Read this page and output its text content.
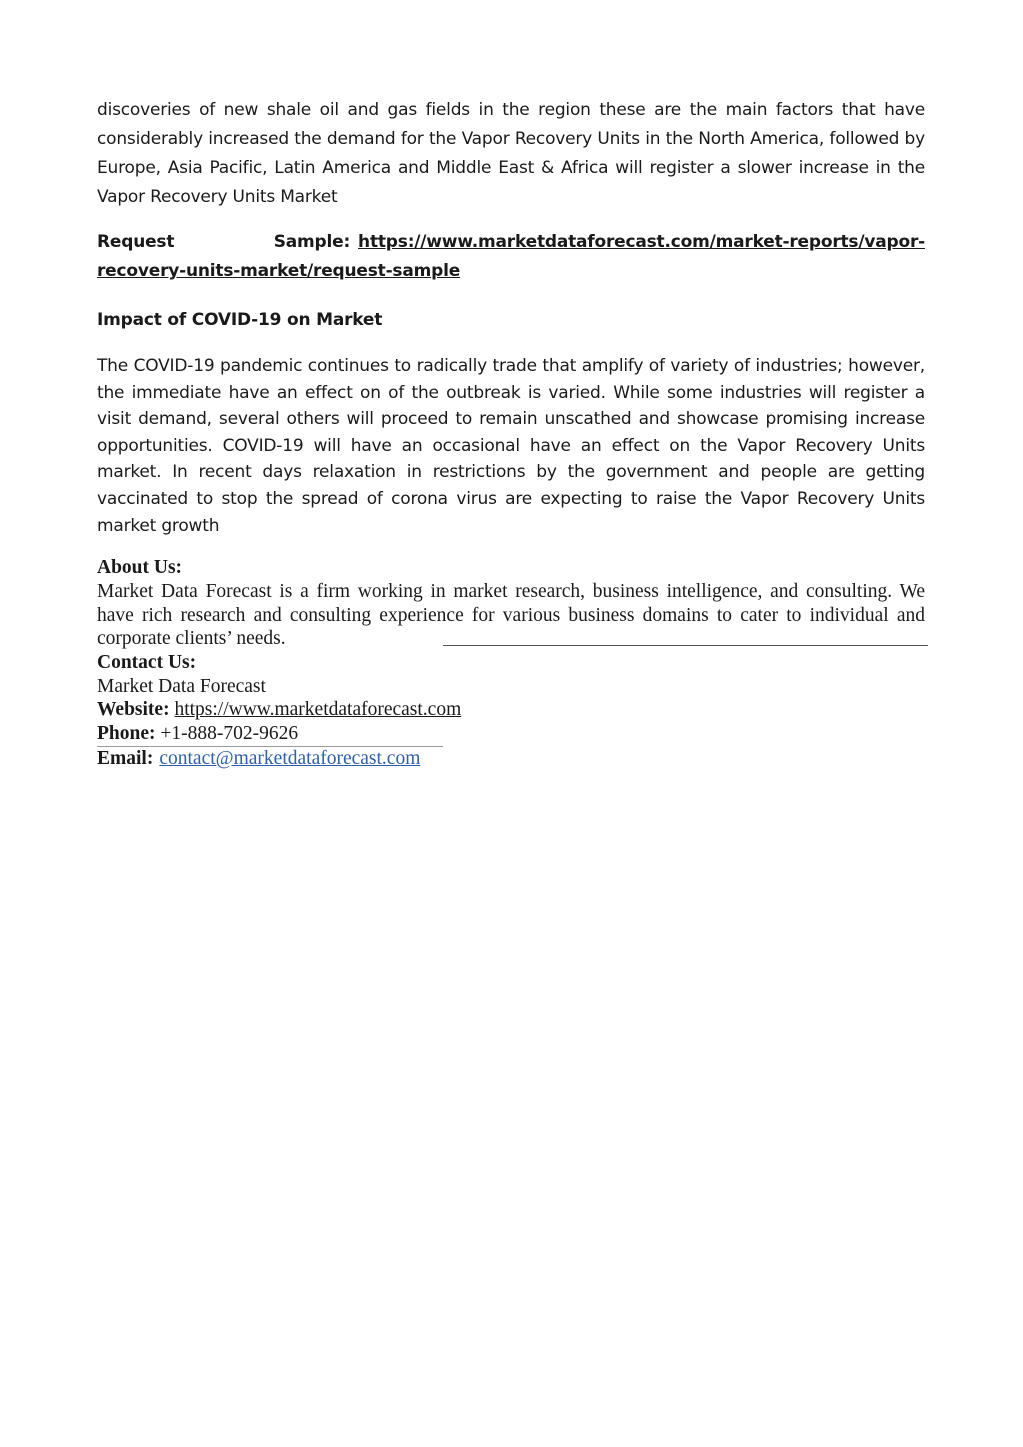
discoveries of new shale oil and gas fields in the region these are the main factors that have considerably increased the demand for the Vapor Recovery Units in the North America, followed by Europe, Asia Pacific, Latin America and Middle East & Africa will register a slower increase in the Vapor Recovery Units Market

Request Sample: https://www.marketdataforecast.com/market-reports/vapor-recovery-units-market/request-sample
Impact of COVID-19 on Market

The COVID-19 pandemic continues to radically trade that amplify of variety of industries; however, the immediate have an effect on of the outbreak is varied. While some industries will register a visit demand, several others will proceed to remain unscathed and showcase promising increase opportunities. COVID-19 will have an occasional have an effect on the Vapor Recovery Units market. In recent days relaxation in restrictions by the government and people are getting vaccinated to stop the spread of corona virus are expecting to raise the Vapor Recovery Units market growth

About Us:
Market Data Forecast is a firm working in market research, business intelligence, and consulting. We have rich research and consulting experience for various business domains to cater to individual and corporate clients’ needs.
Contact Us:
Market Data Forecast
Website: https://www.marketdataforecast.com
Phone: +1-888-702-9626
Email: contact@marketdataforecast.com
